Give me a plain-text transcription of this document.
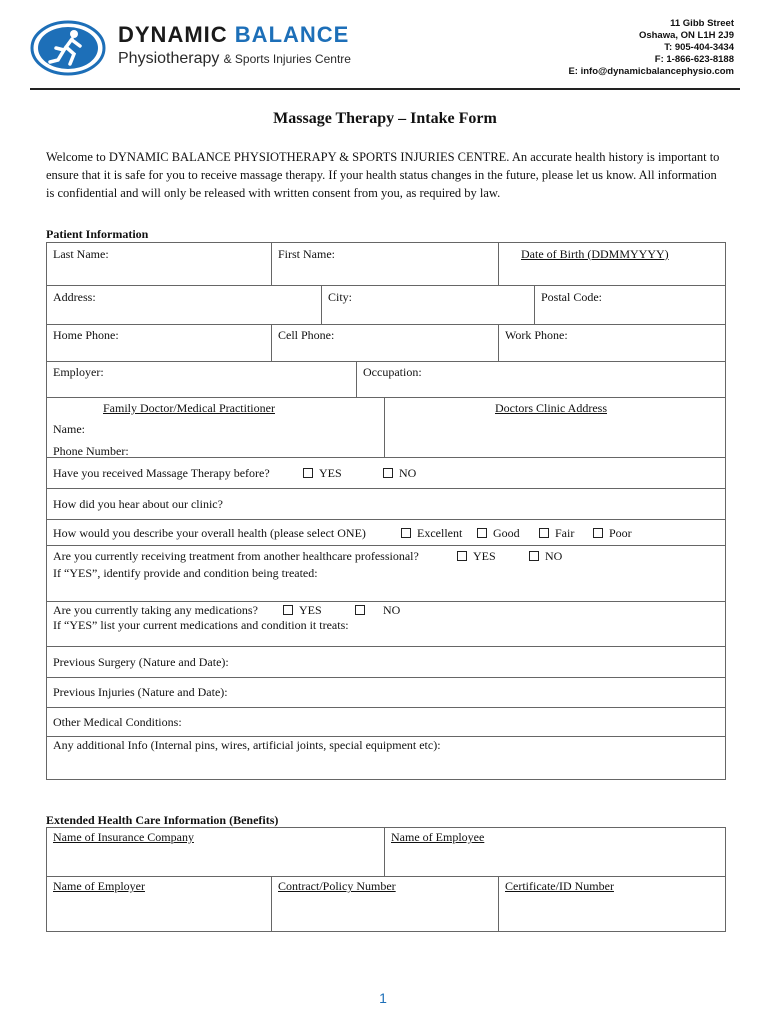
DYNAMIC BALANCE
Physiotherapy & Sports Injuries Centre
11 Gibb Street
Oshawa, ON L1H 2J9
T: 905-404-3434
F: 1-866-623-8188
E: info@dynamicbalancephysio.com
Massage Therapy – Intake Form
Welcome to DYNAMIC BALANCE PHYSIOTHERAPY & SPORTS INJURIES CENTRE. An accurate health history is important to ensure that it is safe for you to receive massage therapy. If your health status changes in the future, please let us know. All information is confidential and will only be released with written consent from you, as required by law.
Patient Information
Last Name:	First Name:	Date of Birth (DDMMYYYY)
Address:	City:	Postal Code:
Home Phone:	Cell Phone:	Work Phone:
Employer:	Occupation:
Family Doctor/Medical Practitioner
Name:
Phone Number:
Doctors Clinic Address
Have you received Massage Therapy before?	YES	NO
How did you hear about our clinic?
How would you describe your overall health (please select ONE)	Excellent	Good	Fair	Poor
Are you currently receiving treatment from another healthcare professional?	YES	NO
If “YES”, identify provide and condition being treated:
Are you currently taking any medications?	YES	NO
If “YES” list your current medications and condition it treats:
Previous Surgery (Nature and Date):
Previous Injuries (Nature and Date):
Other Medical Conditions:
Any additional Info (Internal pins, wires, artificial joints, special equipment etc):
Extended Health Care Information (Benefits)
Name of Insurance Company	Name of Employee
Name of Employer	Contract/Policy Number	Certificate/ID Number
1
